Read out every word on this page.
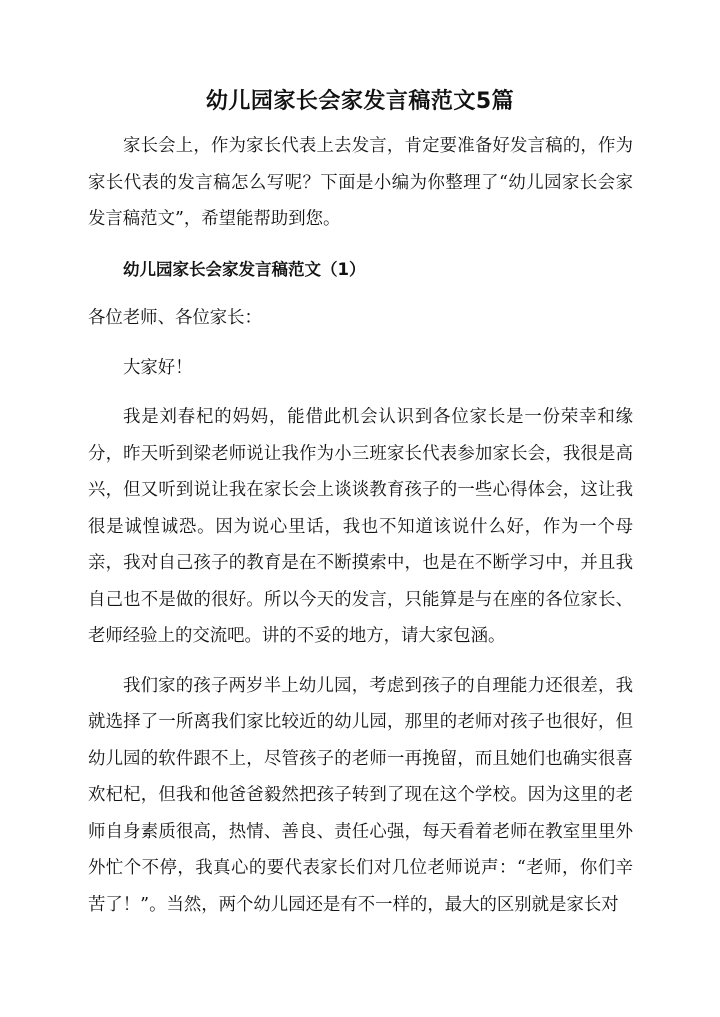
幼儿园家长会家发言稿范文5篇

家长会上，作为家长代表上去发言，肯定要准备好发言稿的，作为家长代表的发言稿怎么写呢？下面是小编为你整理了“幼儿园家长会家发言稿范文”，希望能帮助到您。

幼儿园家长会家发言稿范文（1）

各位老师、各位家长：

大家好！

我是刘春杞的妈妈，能借此机会认识到各位家长是一份荣幸和缘分，昨天听到梁老师说让我作为小三班家长代表参加家长会，我很是高兴，但又听到说让我在家长会上谈谈教育孩子的一些心得体会，这让我很是诚惶诚恐。因为说心里话，我也不知道该说什么好，作为一个母亲，我对自己孩子的教育是在不断摸索中，也是在不断学习中，并且我自己也不是做的很好。所以今天的发言，只能算是与在座的各位家长、老师经验上的交流吧。讲的不妥的地方，请大家包涵。

我们家的孩子两岁半上幼儿园，考虑到孩子的自理能力还很差，我就选择了一所离我们家比较近的幼儿园，那里的老师对孩子也很好，但幼儿园的软件跟不上，尽管孩子的老师一再挽留，而且她们也确实很喜欢杞杞，但我和他爸爸毅然把孩子转到了现在这个学校。因为这里的老师自身素质很高，热情、善良、责任心强，每天看着老师在教室里里外外忙个不停，我真心的要代表家长们对几位老师说声：“老师，你们辛苦了！”。当然，两个幼儿园还是有不一样的，最大的区别就是家长对
